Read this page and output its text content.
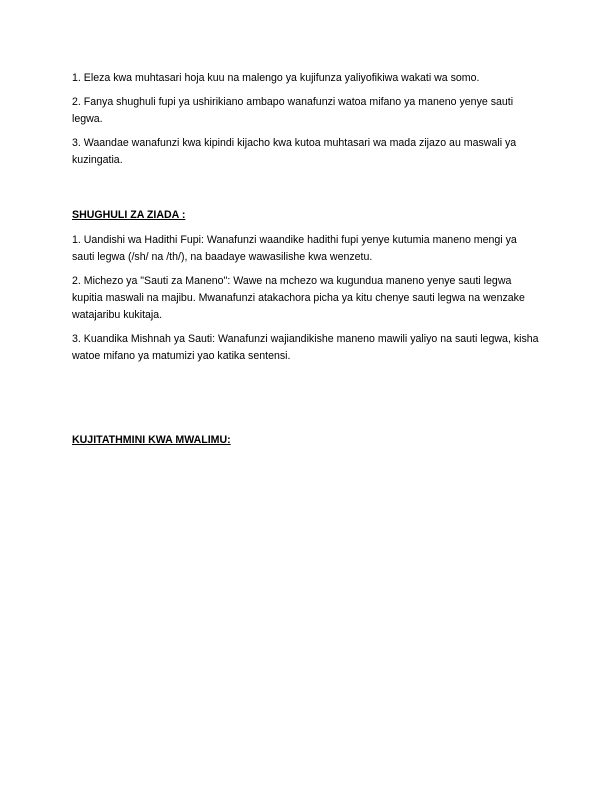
1. Eleza kwa muhtasari hoja kuu na malengo ya kujifunza yaliyofikiwa wakati wa somo.

2. Fanya shughuli fupi ya ushirikiano ambapo wanafunzi watoa mifano ya maneno yenye sauti legwa.

3. Waandae wanafunzi kwa kipindi kijacho kwa kutoa muhtasari wa mada zijazo au maswali ya kuzingatia.

SHUGHULI ZA ZIADA :

1. Uandishi wa Hadithi Fupi: Wanafunzi waandike hadithi fupi yenye kutumia maneno mengi ya sauti legwa (/sh/ na /th/), na baadaye wawasilishe kwa wenzetu.

2. Michezo ya "Sauti za Maneno": Wawe na mchezo wa kugundua maneno yenye sauti legwa kupitia maswali na majibu. Mwanafunzi atakachora picha ya kitu chenye sauti legwa na wenzake watajaribu kukitaja.

3. Kuandika Mishnah ya Sauti: Wanafunzi wajiandikishe maneno mawili yaliyo na sauti legwa, kisha watoe mifano ya matumizi yao katika sentensi.

KUJITATHMINI KWA MWALIMU:
